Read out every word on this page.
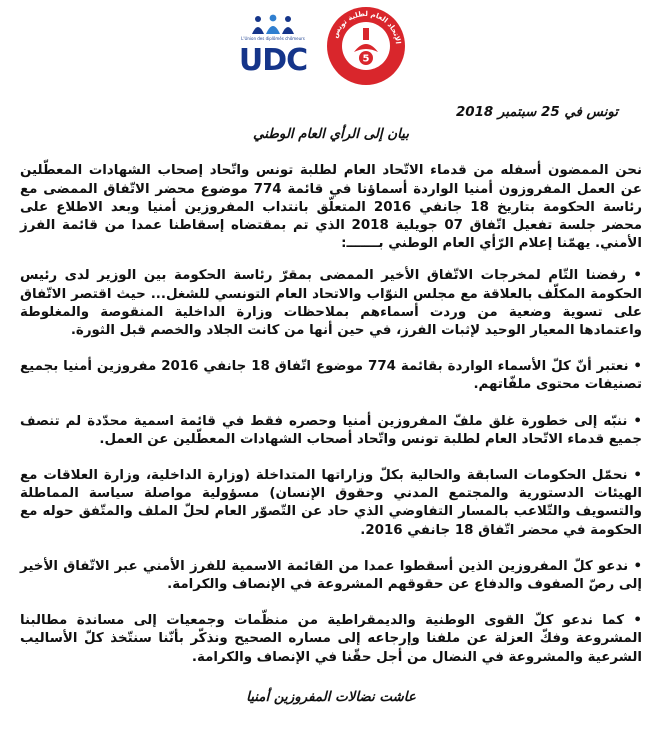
L'Union des diplômés chômeurs
UDC
الإتحاد العام لطلبة تونس
5
تونس في 25 سبتمبر 2018
بيان إلى الرأي العام الوطني
نحن الممضون أسفله من قدماء الاتّحاد العام لطلبة تونس واتّحاد إصحاب الشهادات المعطّلين عن العمل المفروزون أمنيا الواردة أسماؤنا في قائمة 774 موضوع محضر الاتّفاق الممضى مع رئاسة الحكومة بتاريخ 18 جانفي 2016 المتعلّق بانتداب المفروزين أمنيا وبعد الاطلاع على محضر جلسة تفعيل اتّفاق 07 جويلية 2018 الذي تم بمقتضاه إسقاطنا عمدا من قائمة الفرز الأمني. يهمّنا إعلام الرّأي العام الوطني بـــــــ:
• رفضنا التّام لمخرجات الاتّفاق الأخير الممضى بمقرّ رئاسة الحكومة بين الوزير لدى رئيس الحكومة المكلّف بالعلاقة مع مجلس النوّاب والاتحاد العام التونسي للشغل... حيث اقتصر الاتّفاق على تسوية وضعية من وردت أسماءهم بملاحظات وزارة الداخلية المنقوصة والمغلوطة واعتمادها المعيار الوحيد لإثبات الفرز، في حين أنها من كانت الجلاد والخصم قبل الثورة.
• نعتبر أنّ كلّ الأسماء الواردة بقائمة 774 موضوع اتّفاق 18 جانفي 2016 مفروزين أمنيا بجميع تصنيفات محتوى ملفّاتهم.
• ننبّه إلى خطورة غلق ملفّ المفروزين أمنيا وحصره فقط في قائمة اسمية محدّدة لم تنصف جميع قدماء الاتّحاد العام لطلبة تونس واتّحاد أصحاب الشهادات المعطّلين عن العمل.
• نحمّل الحكومات السابقة والحالية بكلّ وزاراتها المتداخلة (وزارة الداخلية، وزارة العلاقات مع الهيئات الدستورية والمجتمع المدني وحقوق الإنسان) مسؤولية مواصلة سياسة المماطلة والتسويف والتّلاعب بالمسار التفاوضي الذي حاد عن التّصوّر العام لحلّ الملف والمتّفق حوله مع الحكومة في محضر اتّفاق 18 جانفي 2016.
• ندعو كلّ المفروزين الذين أسقطوا عمدا من القائمة الاسمية للفرز الأمني عبر الاتّفاق الأخير إلى رصّ الصفوف والدفاع عن حقوقهم المشروعة في الإنصاف والكرامة.
• كما ندعو كلّ القوى الوطنية والديمقراطية من منظّمات وجمعيات إلى مساندة مطالبنا المشروعة وفكّ العزلة عن ملفنا وإرجاعه إلى مساره الصحيح ونذكّر بأنّنا سنتّخذ كلّ الأساليب الشرعية والمشروعة في النضال من أجل حقّنا في الإنصاف والكرامة.
عاشت نضالات المفروزين أمنيا
